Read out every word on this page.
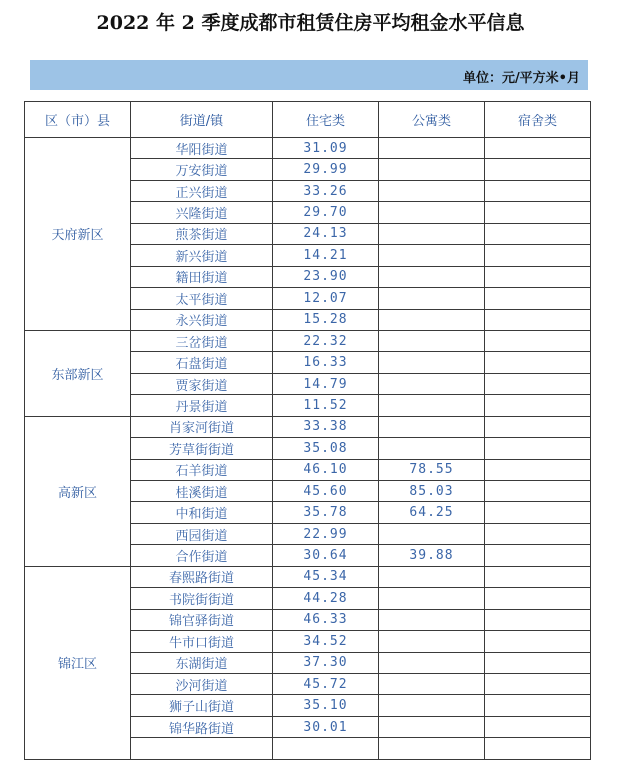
2022 年 2 季度成都市租赁住房平均租金水平信息
单位：元/平方米•月
区（市）县	街道/镇	住宅类	公寓类	宿舍类
天府新区	华阳街道	31.09		
	万安街道	29.99		
	正兴街道	33.26		
	兴隆街道	29.70		
	煎茶街道	24.13		
	新兴街道	14.21		
	籍田街道	23.90		
	太平街道	12.07		
	永兴街道	15.28		
东部新区	三岔街道	22.32		
	石盘街道	16.33		
	贾家街道	14.79		
	丹景街道	11.52		
高新区	肖家河街道	33.38		
	芳草街街道	35.08		
	石羊街道	46.10	78.55	
	桂溪街道	45.60	85.03	
	中和街道	35.78	64.25	
	西园街道	22.99		
	合作街道	30.64	39.88	
锦江区	春熙路街道	45.34		
	书院街街道	44.28		
	锦官驿街道	46.33		
	牛市口街道	34.52		
	东湖街道	37.30		
	沙河街道	45.72		
	狮子山街道	35.10		
	锦华路街道	30.01		
